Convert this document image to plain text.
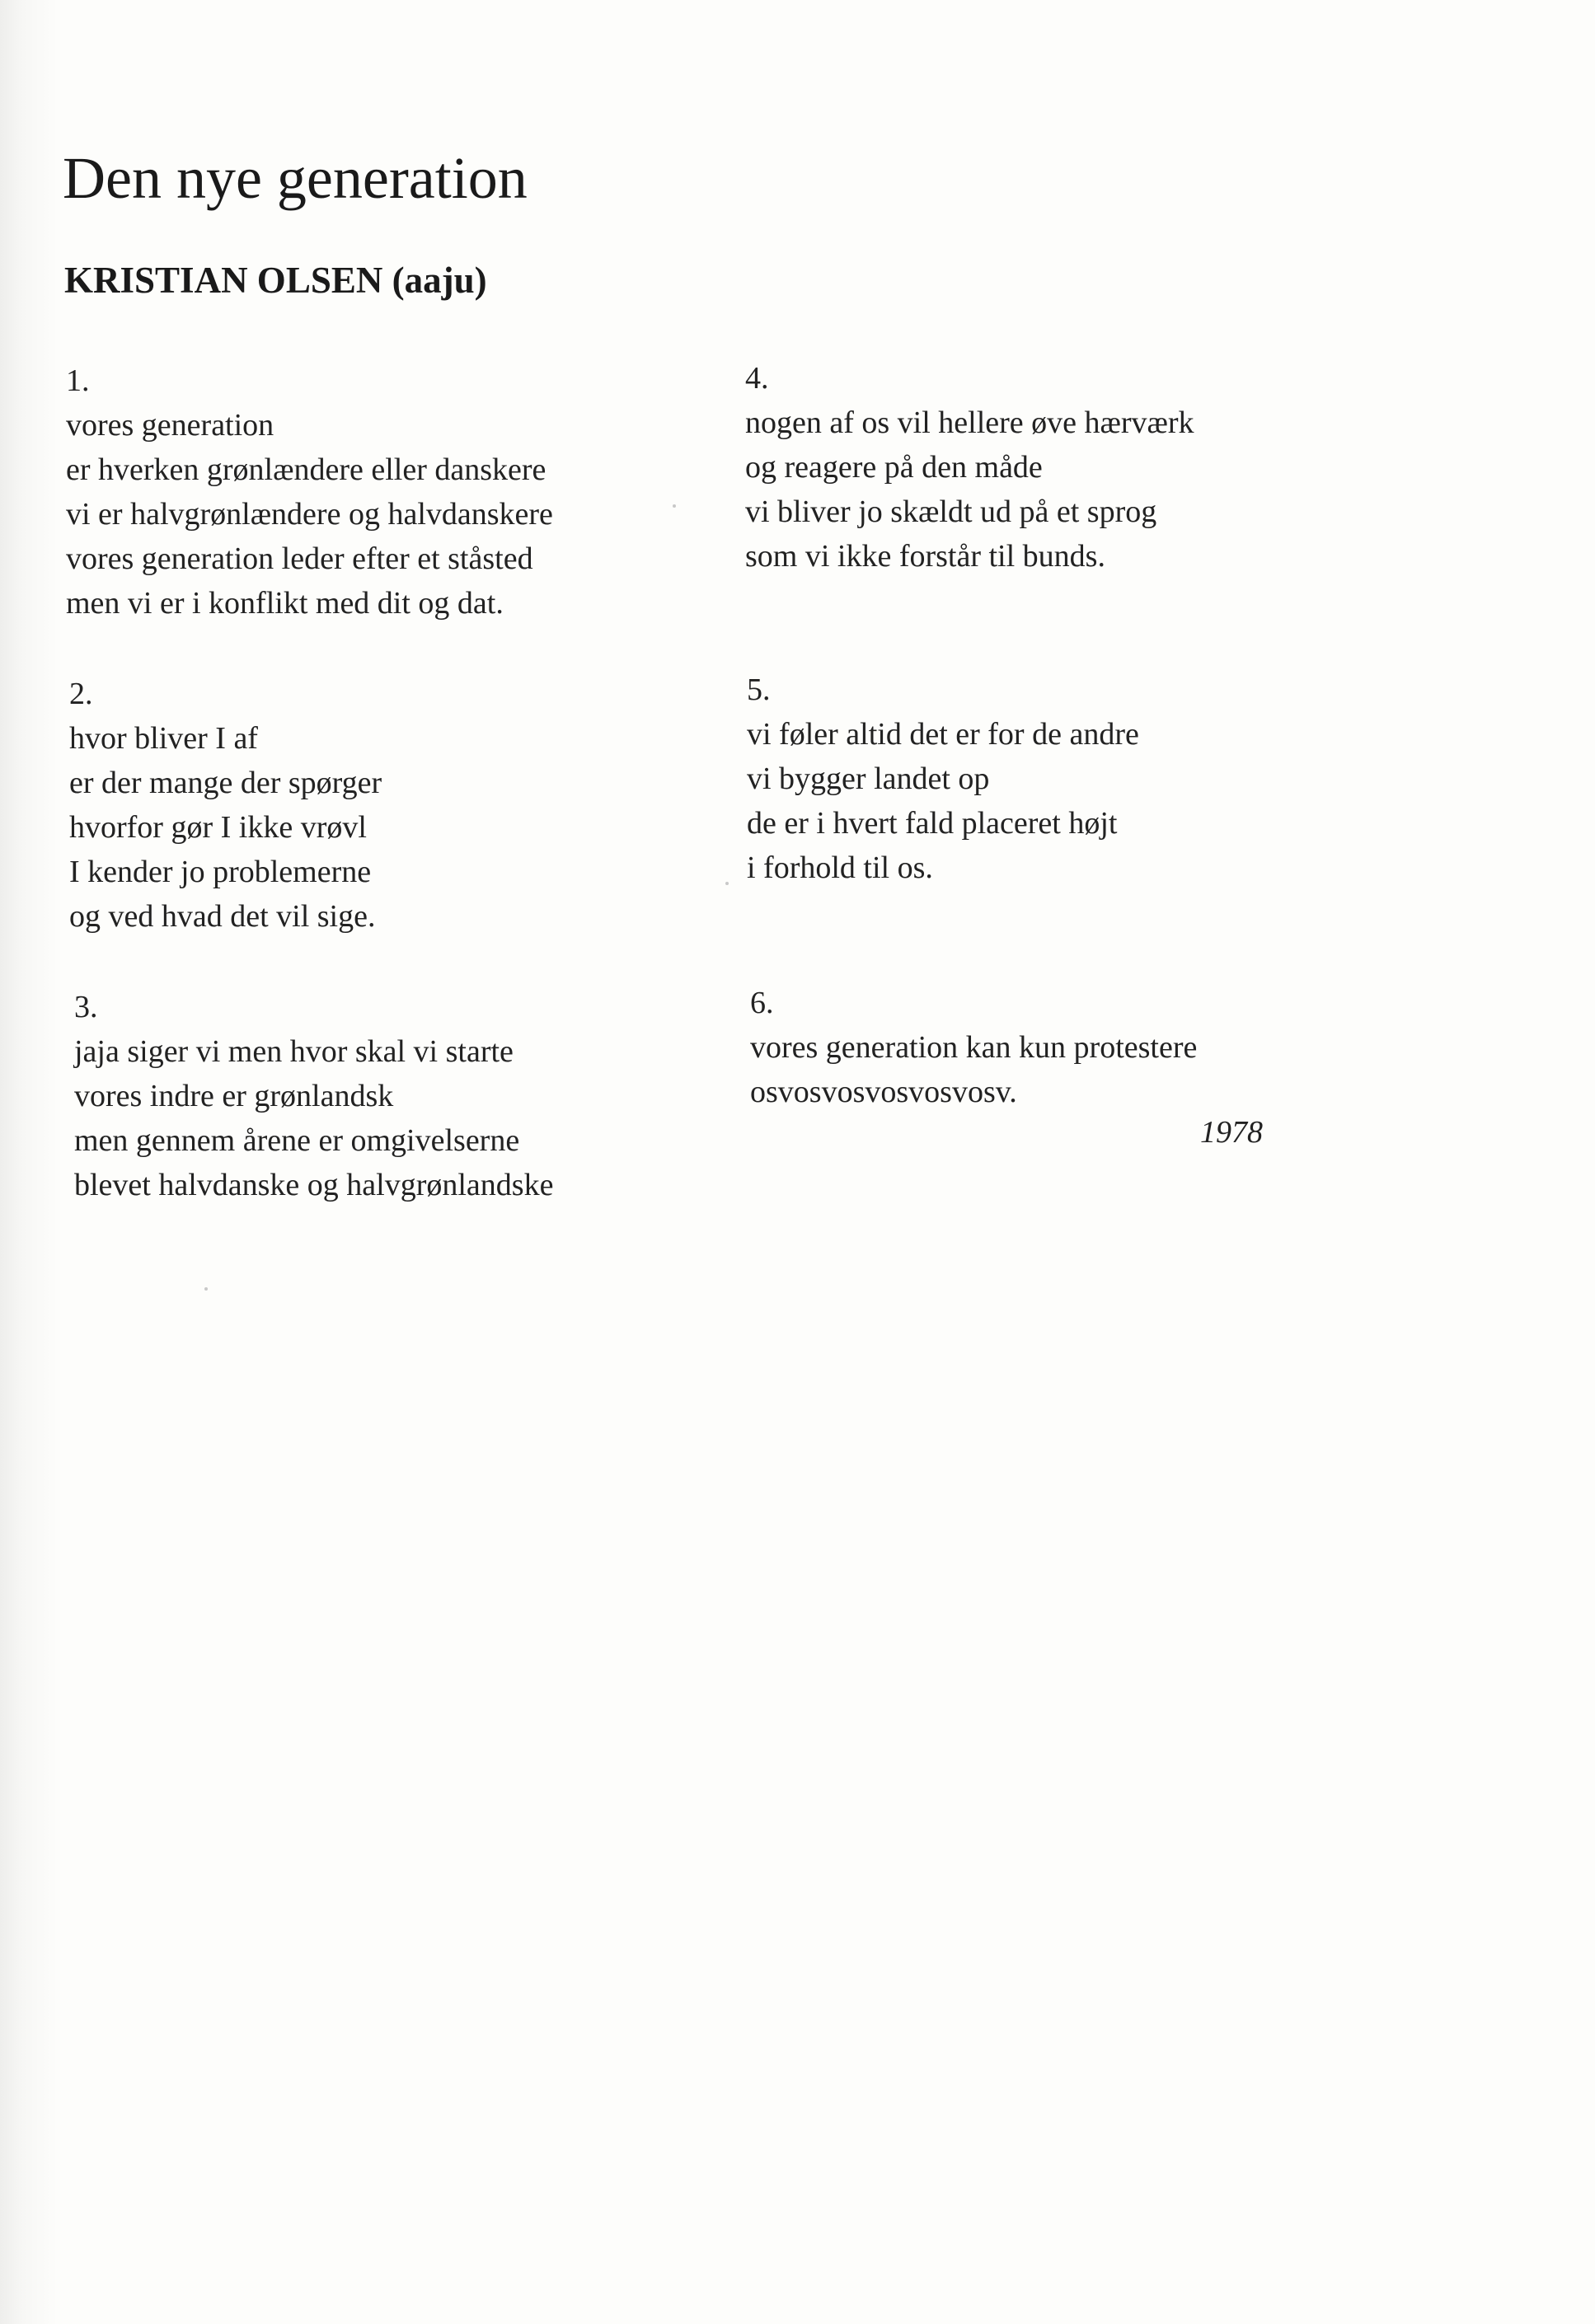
Den nye generation
KRISTIAN OLSEN (aaju)
1.
vores generation
er hverken grønlændere eller danskere
vi er halvgrønlændere og halvdanskere
vores generation leder efter et ståsted
men vi er i konflikt med dit og dat.
2.
hvor bliver I af
er der mange der spørger
hvorfor gør I ikke vrøvl
I kender jo problemerne
og ved hvad det vil sige.
3.
jaja siger vi men hvor skal vi starte
vores indre er grønlandsk
men gennem årene er omgivelserne
blevet halvdanske og halvgrønlandske
4.
nogen af os vil hellere øve hærværk
og reagere på den måde
vi bliver jo skældt ud på et sprog
som vi ikke forstår til bunds.
5.
vi føler altid det er for de andre
vi bygger landet op
de er i hvert fald placeret højt
i forhold til os.
6.
vores generation kan kun protestere
osvosvosvosvosvosv.
1978
